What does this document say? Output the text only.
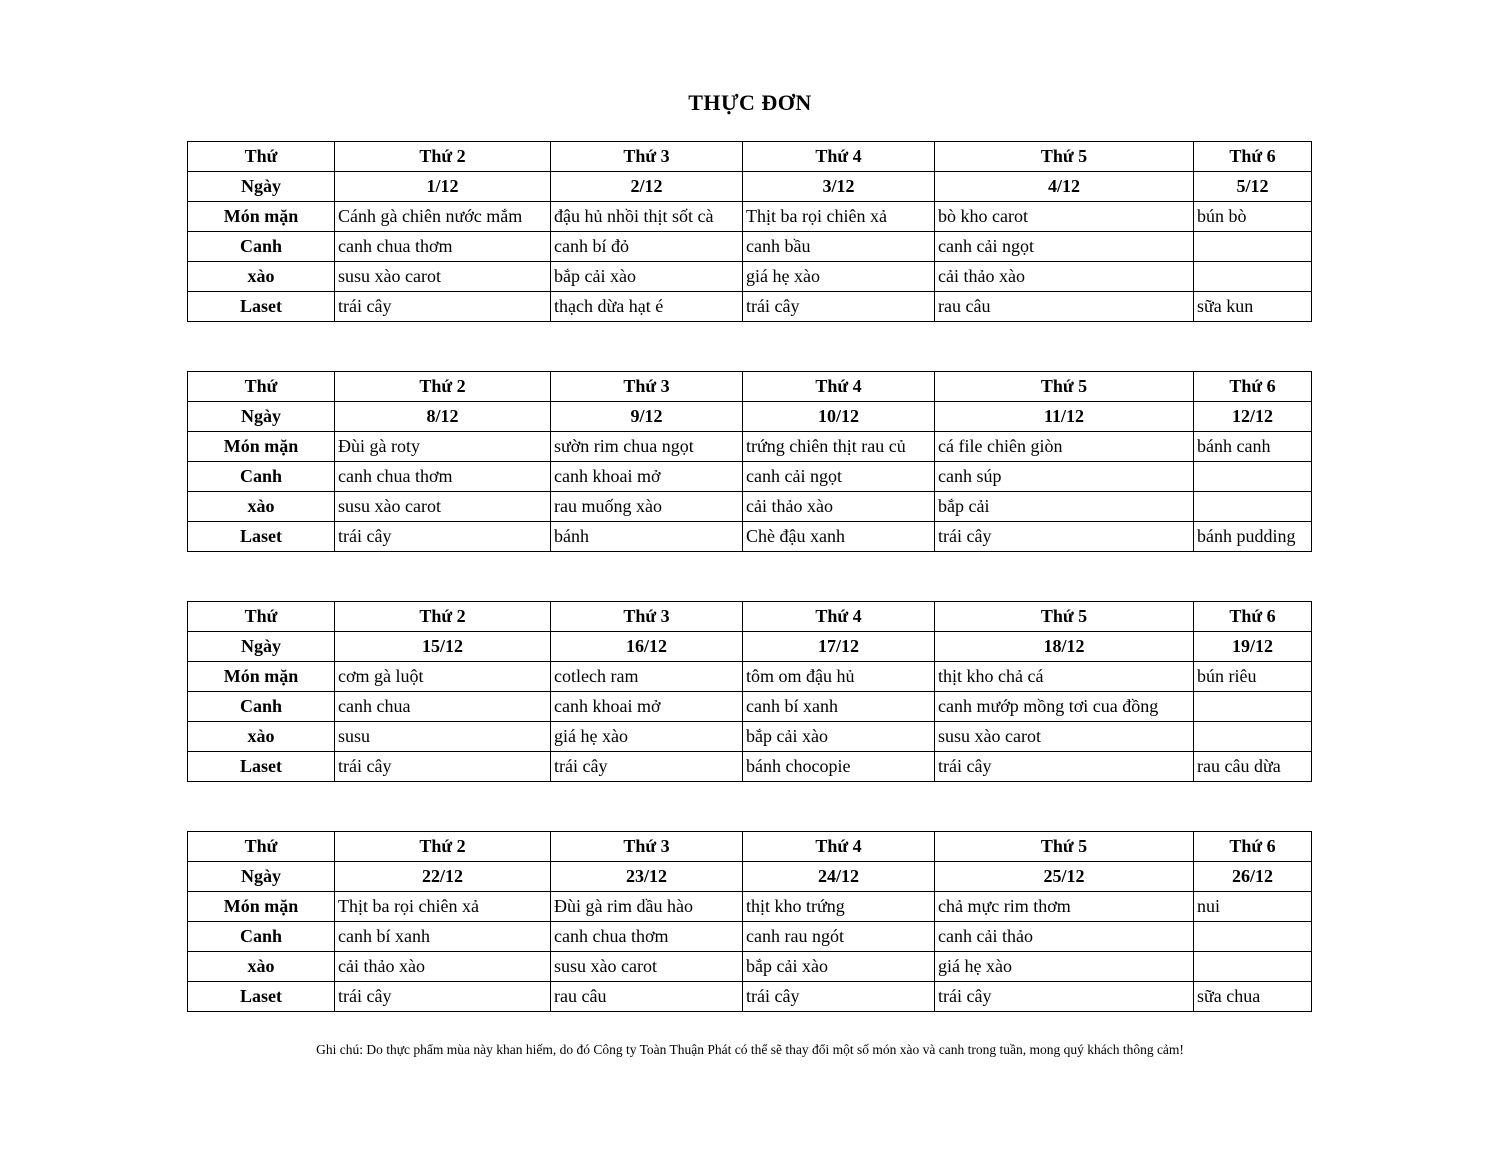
THỰC ĐƠN
Thứ	Thứ 2	Thứ 3	Thứ 4	Thứ 5	Thứ 6
Ngày	1/12	2/12	3/12	4/12	5/12
Món mặn	Cánh gà chiên nước mắm	đậu hủ nhồi thịt sốt cà	Thịt ba rọi chiên xả	bò kho carot	bún bò
Canh	canh chua thơm	canh bí đỏ	canh bầu	canh cải ngọt	
xào	susu xào carot	bắp cải xào	giá hẹ xào	cải thảo xào	
Laset	trái cây	thạch dừa hạt é	trái cây	rau câu	sữa kun
Thứ	Thứ 2	Thứ 3	Thứ 4	Thứ 5	Thứ 6
Ngày	8/12	9/12	10/12	11/12	12/12
Món mặn	Đùi gà roty	sườn rim chua ngọt	trứng chiên thịt rau củ	cá file chiên giòn	bánh canh
Canh	canh chua thơm	canh khoai mở	canh cải ngọt	canh súp	
xào	susu xào carot	rau muống xào	cải thảo xào	bắp cải	
Laset	trái cây	bánh	Chè đậu xanh	trái cây	bánh pudding
Thứ	Thứ 2	Thứ 3	Thứ 4	Thứ 5	Thứ 6
Ngày	15/12	16/12	17/12	18/12	19/12
Món mặn	cơm gà luột	cotlech ram	tôm om đậu hủ	thịt kho chả cá	bún riêu
Canh	canh chua	canh khoai mở	canh bí xanh	canh mướp mồng tơi cua đồng	
xào	susu	giá hẹ xào	bắp cải xào	susu xào carot	
Laset	trái cây	trái cây	bánh chocopie	trái cây	rau câu dừa
Thứ	Thứ 2	Thứ 3	Thứ 4	Thứ 5	Thứ 6
Ngày	22/12	23/12	24/12	25/12	26/12
Món mặn	Thịt ba rọi chiên xả	Đùi gà rim dầu hào	thịt kho trứng	chả mực rim thơm	nui
Canh	canh bí xanh	canh chua thơm	canh rau ngót	canh cải thảo	
xào	cải thảo xào	susu xào carot	bắp cải xào	giá hẹ xào	
Laset	trái cây	rau câu	trái cây	trái cây	sữa chua
Ghi chú: Do thực phẩm mùa này khan hiếm, do đó Công ty Toàn Thuận Phát có thể sẽ thay đổi một số món xào và canh trong tuần, mong quý khách thông cảm!
